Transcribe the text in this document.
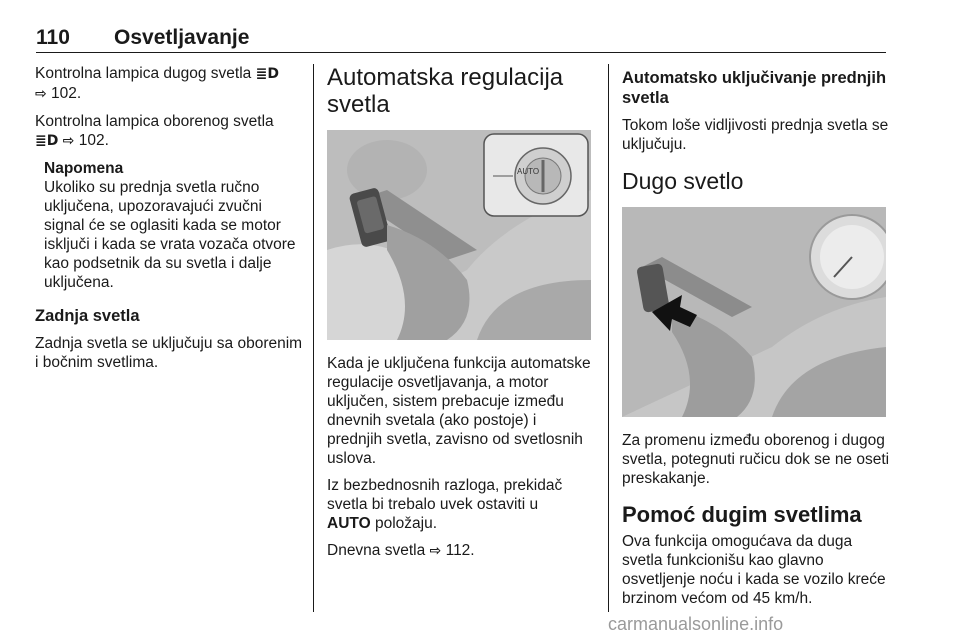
110 Osvetljavanje

Kontrolna lampica dugog svetla ≣D
⇨ 102.

Kontrolna lampica oborenog svetla
≣D ⇨ 102.

Napomena
Ukoliko su prednja svetla ručno uključena, upozoravajući zvučni signal će se oglasiti kada se motor isključi i kada se vrata vozača otvore kao podsetnik da su svetla i dalje uključena.
Zadnja svetla

Zadnja svetla se uključuju sa oborenim i bočnim svetlima.

Automatska regulacija svetla
AUTO

Kada je uključena funkcija automatske regulacije osvetljavanja, a motor uključen, sistem prebacuje između dnevnih svetala (ako postoje) i prednjih svetla, zavisno od svetlosnih uslova.

Iz bezbednosnih razloga, prekidač svetla bi trebalo uvek ostaviti u
AUTO položaju.

Dnevna svetla ⇨ 112.

Automatsko uključivanje prednjih svetla

Tokom loše vidljivosti prednja svetla se uključuju.

Dugo svetlo

Za promenu između oborenog i dugog svetla, potegnuti ručicu dok se ne oseti preskakanje.

Pomoć dugim svetlima

Ova funkcija omogućava da duga svetla funkcionišu kao glavno osvetljenje noću i kada se vozilo kreće brzinom većom od 45 km/h.

carmanualsonline.info
